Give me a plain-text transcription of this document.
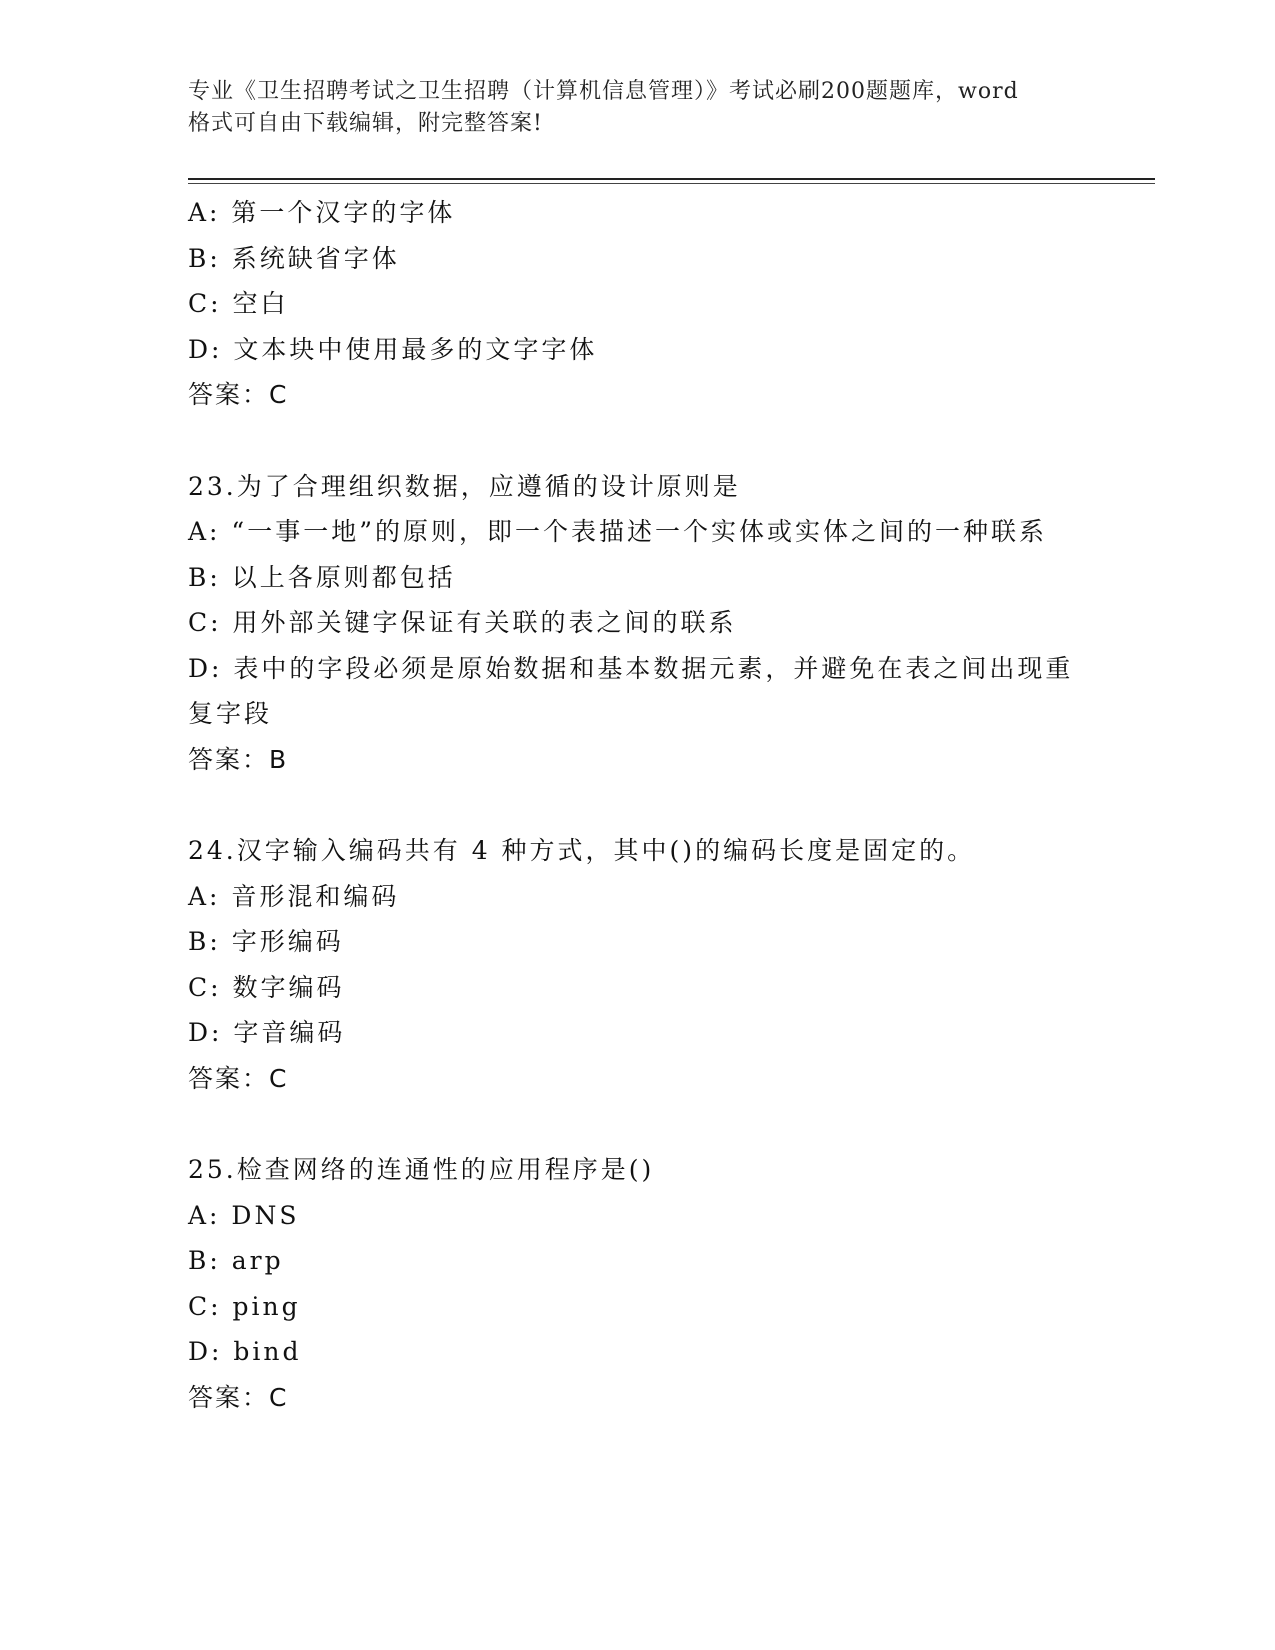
专业《卫生招聘考试之卫生招聘（计算机信息管理）》考试必刷200题题库，word
格式可自由下载编辑，附完整答案!
A: 第一个汉字的字体
B: 系统缺省字体
C: 空白
D: 文本块中使用最多的文字字体
答案：C
23.为了合理组织数据，应遵循的设计原则是
A: “一事一地”的原则，即一个表描述一个实体或实体之间的一种联系
B: 以上各原则都包括
C: 用外部关键字保证有关联的表之间的联系
D: 表中的字段必须是原始数据和基本数据元素，并避免在表之间出现重复字段
答案：B
24.汉字输入编码共有 4 种方式，其中()的编码长度是固定的。
A: 音形混和编码
B: 字形编码
C: 数字编码
D: 字音编码
答案：C
25.检查网络的连通性的应用程序是()
A: DNS
B: arp
C: ping
D: bind
答案：C
